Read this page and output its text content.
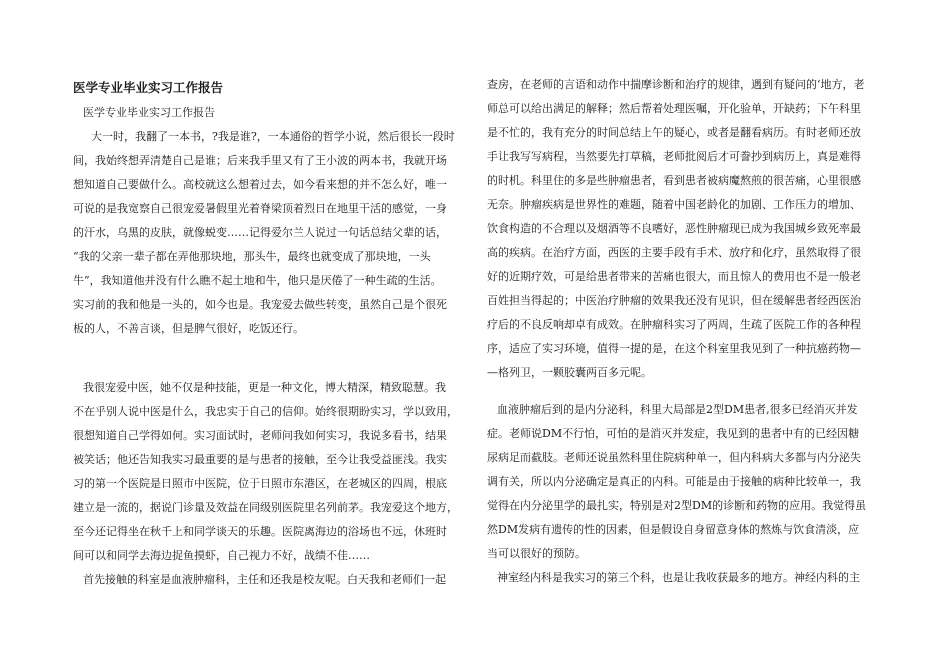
医学专业毕业实习工作报告
医学专业毕业实习工作报告
大一时，我翻了一本书，?我是谁?，一本通俗的哲学小说，然后很长一段时
间，我始终想弄清楚自己是谁；后来我手里又有了王小波的两本书，我就开场
想知道自己要做什么。高校就这么想着过去，如今看来想的并不怎么好，唯一
可说的是我宽察自己很宠爱暑假里光着脊梁顶着烈日在地里干活的感觉，一身
的汗水，乌黑的皮肤，就像蜕变……记得爱尔兰人说过一句话总结父辈的话，
“我的父亲一辈子都在弄他那块地，那头牛，最终也就变成了那块地，一头
牛”，我知道他并没有什么瞧不起土地和牛，他只是厌倦了一种生疏的生活。
实习前的我和他是一头的，如今也是。我宠爱去做些转变，虽然自己是个很死
板的人，不善言谈，但是脾气很好，吃饭还行。
我很宠爱中医，她不仅是种技能，更是一种文化，博大精深，精致聪慧。我
不在乎别人说中医是什么，我忠实于自己的信仰。始终很期盼实习，学以致用，
很想知道自己学得如何。实习面试时，老师问我如何实习，我说多看书，结果
被笑话；他还告知我实习最重要的是与患者的接触，至今让我受益匪浅。我实
习的第一个医院是日照市中医院，位于日照市东港区，在老城区的四周，根底
建立是一流的，据说门诊量及效益在同级别医院里名列前茅。我宠爱这个地方，
至今还记得坐在秋千上和同学谈天的乐趣。医院离海边的浴场也不远，休班时
间可以和同学去海边捉鱼摸虾，自己视力不好，战绩不佳……
首先接触的科室是血液肿瘤科，主任和还我是校友呢。白天我和老师们一起
查房，在老师的言语和动作中揣摩诊断和治疗的规律，遇到有疑问的‘地方，老
师总可以给出满足的解释；然后帮着处理医嘱，开化验单，开缺药；下午科里
是不忙的，我有充分的时间总结上午的疑心，或者是翻看病历。有时老师还放
手让我写写病程，当然要先打草稿，老师批阅后才可誊抄到病历上，真是难得
的时机。科里住的多是些肿瘤患者，看到患者被病魔熬煎的很苦痛，心里很感
无奈。肿瘤疾病是世界性的难题，随着中国老龄化的加剧、工作压力的增加、
饮食构造的不合理以及烟酒等不良嗜好，恶性肿瘤现已成为我国城乡致死率最
高的疾病。在治疗方面，西医的主要手段有手术、放疗和化疗，虽然取得了很
好的近期疗效，可是给患者带来的苦痛也很大，而且惊人的费用也不是一般老
百姓担当得起的；中医治疗肿瘤的效果我还没有见识，但在缓解患者经西医治
疗后的不良反响却卓有成效。在肿瘤科实习了两周，生疏了医院工作的各种程
序，适应了实习环境，值得一提的是，在这个科室里我见到了一种抗癌药物—
—格列卫，一颗胶囊两百多元呢。
血液肿瘤后到的是内分泌科，科里大局部是2型DM患者,很多已经消灭并发
症。老师说DM不行怕，可怕的是消灭并发症，我见到的患者中有的已经因糖
尿病足而截肢。老师还说虽然科里住院病种单一，但内科病大多都与内分泌失
调有关，所以内分泌确定是真正的内科。可能是由于接触的病种比较单一，我
觉得在内分泌里学的最扎实，特别是对2型DM的诊断和药物的应用。我觉得虽
然DM发病有遗传的性的因素，但是假设自身留意身体的熬炼与饮食清淡，应
当可以很好的预防。
神室经内科是我实习的第三个科，也是让我收获最多的地方。神经内科的主
